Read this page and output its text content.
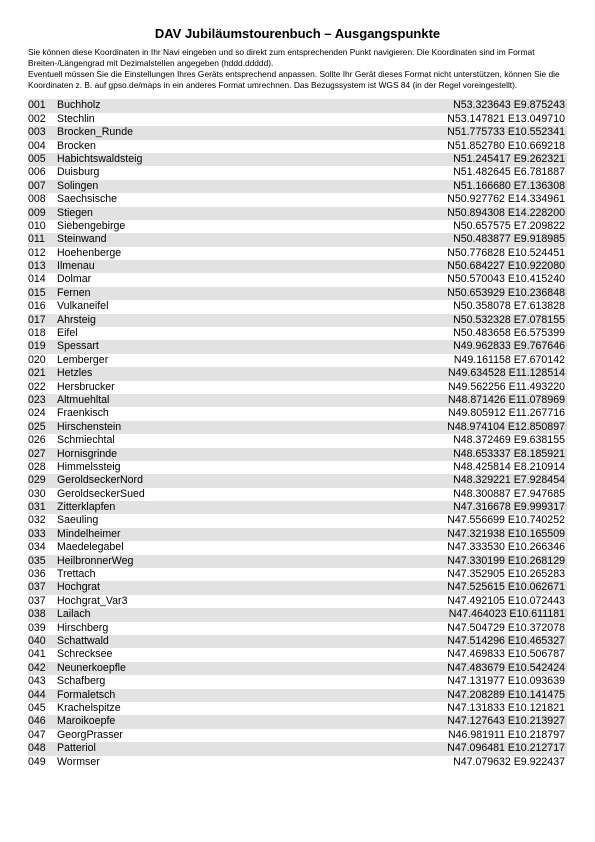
DAV Jubiläumstourenbuch – Ausgangspunkte

Sie können diese Koordinaten in Ihr Navi eingeben und so direkt zum entsprechenden Punkt navigieren. Die Koordinaten sind im Format Breiten-/Längengrad mit Dezimalstellen angegeben (hddd.ddddd).

Eventuell müssen Sie die Einstellungen Ihres Geräts entsprechend anpassen. Sollte Ihr Gerät dieses Format nicht unterstützen, können Sie die Koordinaten z. B. auf gpso.de/maps in ein anderes Format umrechnen. Das Bezugssystem ist WGS 84 (in der Regel voreingestellt).

001	Buchholz	N53.323643 E9.875243
002	Stechlin	N53.147821 E13.049710
003	Brocken_Runde	N51.775733 E10.552341
004	Brocken	N51.852780 E10.669218
005	Habichtswaldsteig	N51.245417 E9.262321
006	Duisburg	N51.482645 E6.781887
007	Solingen	N51.166680 E7.136308
008	Saechsische	N50.927762 E14.334961
009	Stiegen	N50.894308 E14.228200
010	Siebengebirge	N50.657575 E7.209822
011	Steinwand	N50.483877 E9.918985
012	Hoehenberge	N50.776828 E10.524451
013	Ilmenau	N50.684227 E10.922080
014	Dolmar	N50.570043 E10.415240
015	Fernen	N50.653929 E10.236848
016	Vulkaneifel	N50.358078 E7.613828
017	Ahrsteig	N50.532328 E7.078155
018	Eifel	N50.483658 E6.575399
019	Spessart	N49.962833 E9.767646
020	Lemberger	N49.161158 E7.670142
021	Hetzles	N49.634528 E11.128514
022	Hersbrucker	N49.562256 E11.493220
023	Altmuehltal	N48.871426 E11.078969
024	Fraenkisch	N49.805912 E11.267716
025	Hirschenstein	N48.974104 E12.850897
026	Schmiechtal	N48.372469 E9.638155
027	Hornisgrinde	N48.653337 E8.185921
028	Himmelssteig	N48.425814 E8.210914
029	GeroldseckerNord	N48.329221 E7.928454
030	GeroldseckerSued	N48.300887 E7.947685
031	Zitterklapfen	N47.316678 E9.999317
032	Saeuling	N47.556699 E10.740252
033	Mindelheimer	N47.321938 E10.165509
034	Maedelegabel	N47.333530 E10.266346
035	HeilbronnerWeg	N47.330199 E10.268129
036	Trettach	N47.352905 E10.265283
037	Hochgrat	N47.525615 E10.062671
037	Hochgrat_Var3	N47.492105 E10.072443
038	Lailach	N47.464023 E10.611181
039	Hirschberg	N47.504729 E10.372078
040	Schattwald	N47.514296 E10.465327
041	Schrecksee	N47.469833 E10.506787
042	Neunerkoepfle	N47.483679 E10.542424
043	Schafberg	N47.131977 E10.093639
044	Formaletsch	N47.208289 E10.141475
045	Krachelspitze	N47.131833 E10.121821
046	Maroikoepfe	N47.127643 E10.213927
047	GeorgPrasser	N46.981911 E10.218797
048	Patteriol	N47.096481 E10.212717
049	Wormser	N47.079632 E9.922437
